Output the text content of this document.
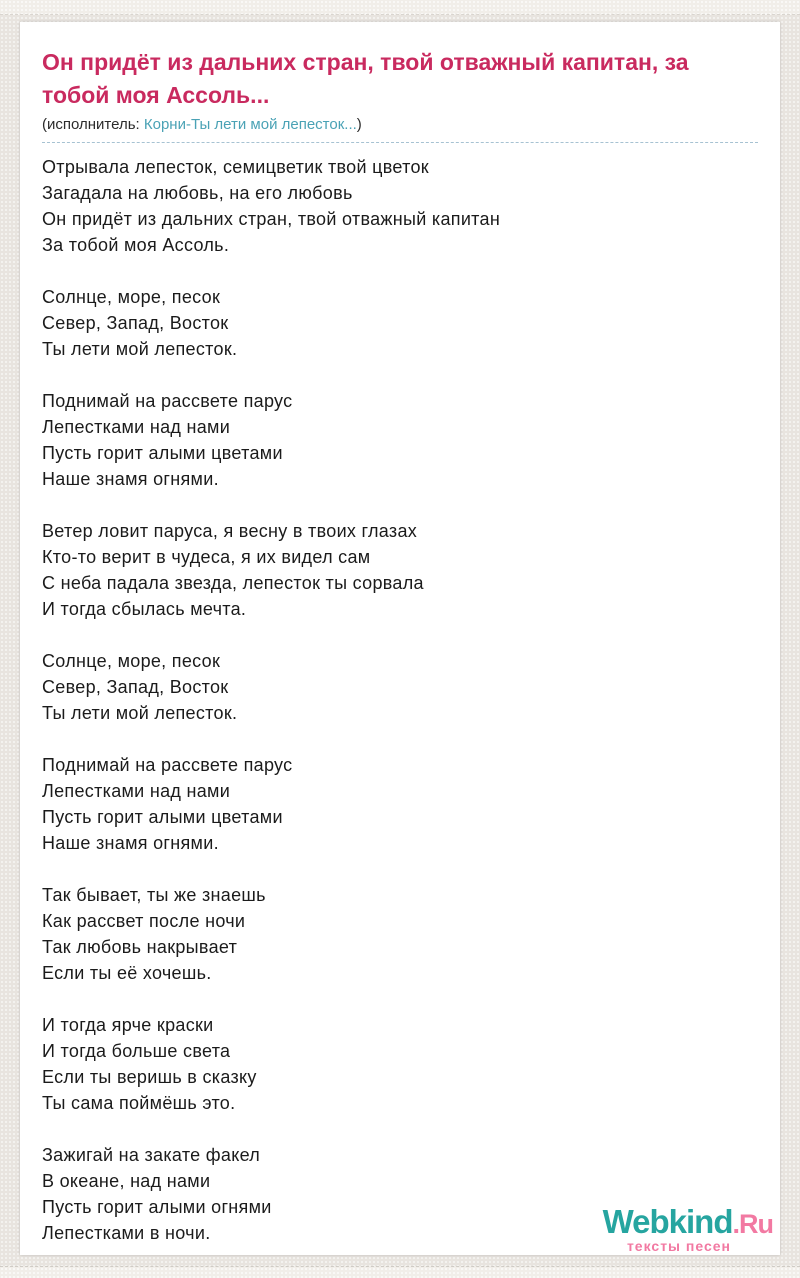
Он придёт из дальних стран, твой отважный капитан, за тобой моя Ассоль...
(исполнитель: Корни-Ты лети мой лепесток...)
Отрывала лепесток, семицветик твой цветок
Загадала на любовь, на его любовь
Он придёт из дальних стран, твой отважный капитан
За тобой моя Ассоль.
Солнце, море, песок
Север, Запад, Восток
Ты лети мой лепесток.
Поднимай на рассвете парус
Лепестками над нами
Пусть горит алыми цветами
Наше знамя огнями.
Ветер ловит паруса, я весну в твоих глазах
Кто-то верит в чудеса, я их видел сам
С неба падала звезда, лепесток ты сорвала
И тогда сбылась мечта.
Солнце, море, песок
Север, Запад, Восток
Ты лети мой лепесток.
Поднимай на рассвете парус
Лепестками над нами
Пусть горит алыми цветами
Наше знамя огнями.
Так бывает, ты же знаешь
Как рассвет после ночи
Так любовь накрывает
Если ты её хочешь.
И тогда ярче краски
И тогда больше света
Если ты веришь в сказку
Ты сама поймёшь это.
Зажигай на закате факел
В океане, над нами
Пусть горит алыми огнями
Лепестками в ночи.	Webkind.Ru
тексты песен
